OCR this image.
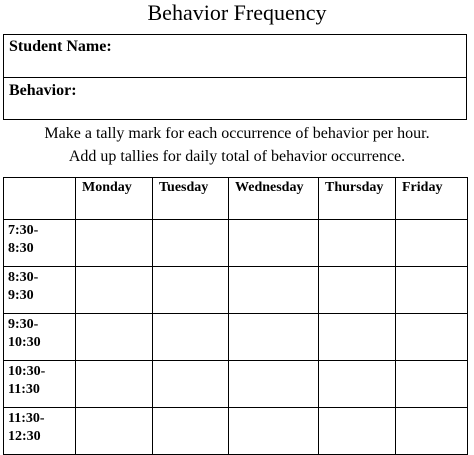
Behavior Frequency
Student Name:
Behavior:
Make a tally mark for each occurrence of behavior per hour.
Add up tallies for daily total of behavior occurrence.
	Monday	Tuesday	Wednesday	Thursday	Friday
7:30-
8:30					
8:30-
9:30					
9:30-
10:30					
10:30-
11:30					
11:30-
12:30					
